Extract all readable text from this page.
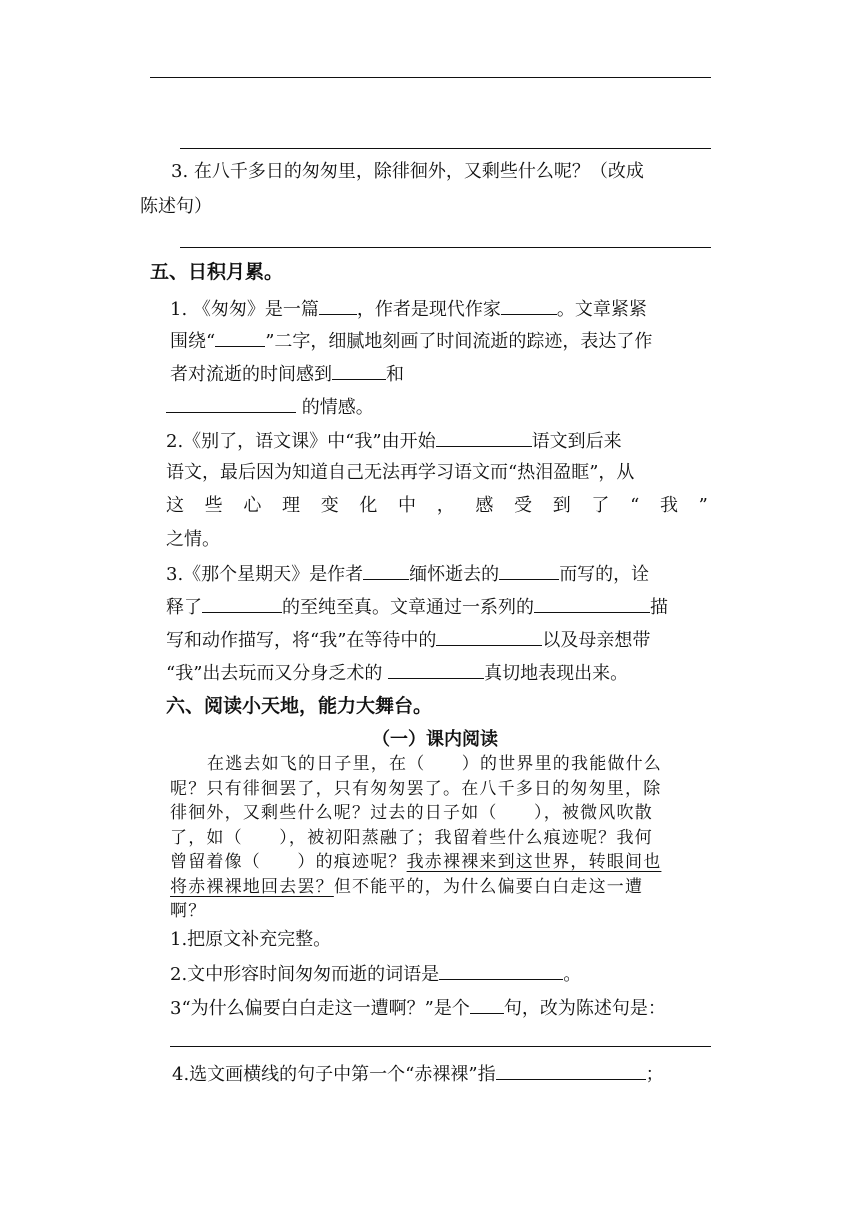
3. 在八千多日的匆匆里，除徘徊外，又剩些什么呢？（改成
陈述句）
五、日积月累。
1. 《匆匆》是一篇 ，作者是现代作家	。文章紧紧
围绕“	”二字，细腻地刻画了时间流逝的踪迹，表达了作
者对流逝的时间感到	和
的情感。
2.《别了，语文课》中“我”由开始	语文到后来
语文，最后因为知道自己无法再学习语文而“热泪盈眶”，从
这 些 心 理 变 化 中 ， 感 受 到 了 “ 我 ”
之情。
3.《那个星期天》是作者	缅怀逝去的	而写的，诠
释了	的至纯至真。文章通过一系列的	描
写和动作描写，将“我”在等待中的	以及母亲想带
“我”出去玩而又分身乏术的	真切地表现出来。
六、阅读小天地，能力大舞台。
（一）课内阅读
在逃去如飞的日子里，在（　　）的世界里的我能做什么
呢？只有徘徊罢了，只有匆匆罢了。在八千多日的匆匆里，除
徘徊外，又剩些什么呢？过去的日子如（　　），被微风吹散
了，如（　　），被初阳蒸融了；我留着些什么痕迹呢？我何
曾留着像（　　）的痕迹呢？我赤裸裸来到这世界，转眼间也
将赤裸裸地回去罢？但不能平的，为什么偏要白白走这一遭
啊？
1.把原文补充完整。
2.文中形容时间匆匆而逝的词语是	。
3“为什么偏要白白走这一遭啊？”是个 句，改为陈述句是：
4.选文画横线的句子中第一个“赤裸裸”指	；
